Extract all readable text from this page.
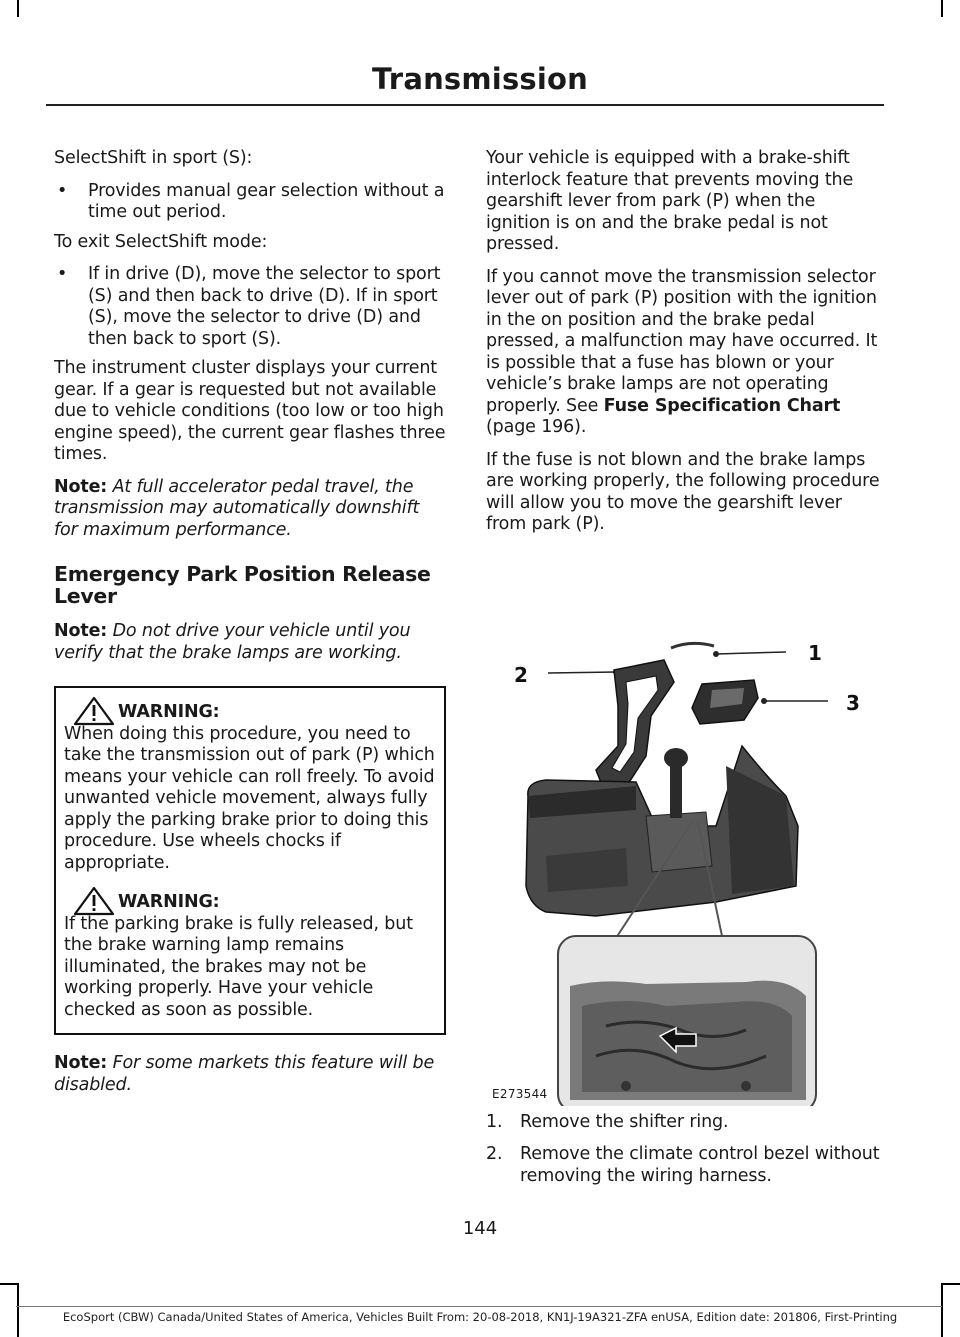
Transmission

SelectShift in sport (S):

• Provides manual gear selection without a time out period.

To exit SelectShift mode:

• If in drive (D), move the selector to sport (S) and then back to drive (D). If in sport (S), move the selector to drive (D) and then back to sport (S).

The instrument cluster displays your current gear. If a gear is requested but not available due to vehicle conditions (too low or too high engine speed), the current gear flashes three times.

Note: At full accelerator pedal travel, the transmission may automatically downshift for maximum performance.

Emergency Park Position Release Lever

Note: Do not drive your vehicle until you verify that the brake lamps are working.

WARNING:
When doing this procedure, you need to take the transmission out of park (P) which means your vehicle can roll freely. To avoid unwanted vehicle movement, always fully apply the parking brake prior to doing this procedure. Use wheels chocks if appropriate.
WARNING:
If the parking brake is fully released, but the brake warning lamp remains illuminated, the brakes may not be working properly. Have your vehicle checked as soon as possible.

Note: For some markets this feature will be disabled.

Your vehicle is equipped with a brake-shift interlock feature that prevents moving the gearshift lever from park (P) when the ignition is on and the brake pedal is not pressed.

If you cannot move the transmission selector lever out of park (P) position with the ignition in the on position and the brake pedal pressed, a malfunction may have occurred. It is possible that a fuse has blown or your vehicle’s brake lamps are not operating properly. See Fuse Specification Chart (page 196).

If the fuse is not blown and the brake lamps are working properly, the following procedure will allow you to move the gearshift lever from park (P).

1
2
3
E273544
1. Remove the shifter ring.
2. Remove the climate control bezel without removing the wiring harness.
144
EcoSport (CBW) Canada/United States of America, Vehicles Built From: 20-08-2018, KN1J-19A321-ZFA enUSA, Edition date: 201806, First-Printing
